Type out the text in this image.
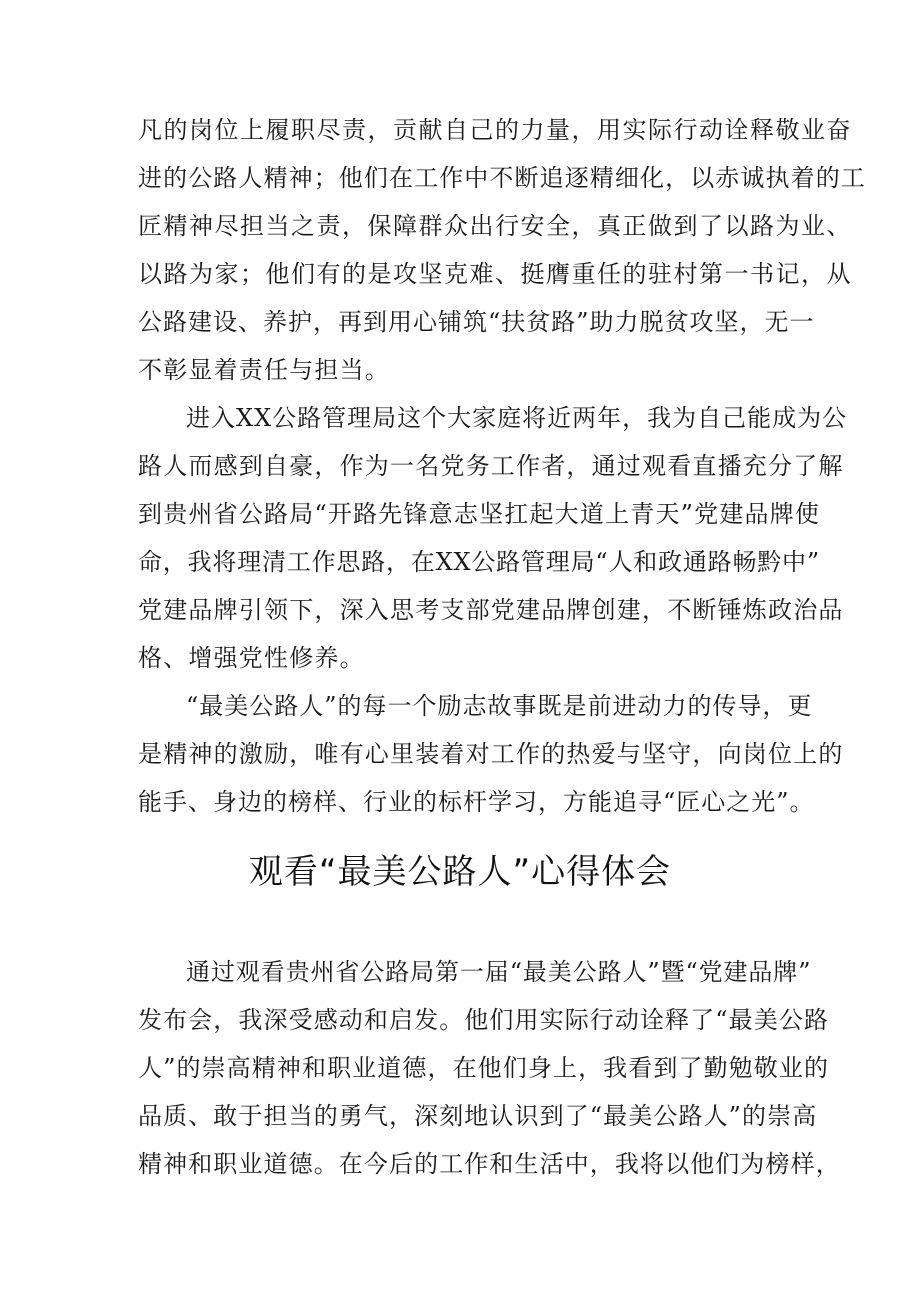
凡的岗位上履职尽责，贡献自己的力量，用实际行动诠释敬业奋
进的公路人精神；他们在工作中不断追逐精细化，以赤诚执着的工
匠精神尽担当之责，保障群众出行安全，真正做到了以路为业、
以路为家；他们有的是攻坚克难、挺膺重任的驻村第一书记，从
公路建设、养护，再到用心铺筑“扶贫路”助力脱贫攻坚，无一
不彰显着责任与担当。
进入XX公路管理局这个大家庭将近两年，我为自己能成为公
路人而感到自豪，作为一名党务工作者，通过观看直播充分了解
到贵州省公路局“开路先锋意志坚扛起大道上青天”党建品牌使
命，我将理清工作思路，在XX公路管理局“人和政通路畅黔中”
党建品牌引领下，深入思考支部党建品牌创建，不断锤炼政治品
格、增强党性修养。
“最美公路人”的每一个励志故事既是前进动力的传导，更
是精神的激励，唯有心里装着对工作的热爱与坚守，向岗位上的
能手、身边的榜样、行业的标杆学习，方能追寻“匠心之光”。
观看“最美公路人”心得体会
通过观看贵州省公路局第一届“最美公路人”暨“党建品牌”
发布会，我深受感动和启发。他们用实际行动诠释了“最美公路
人”的崇高精神和职业道德，在他们身上，我看到了勤勉敬业的
品质、敢于担当的勇气，深刻地认识到了“最美公路人”的崇高
精神和职业道德。在今后的工作和生活中，我将以他们为榜样，
